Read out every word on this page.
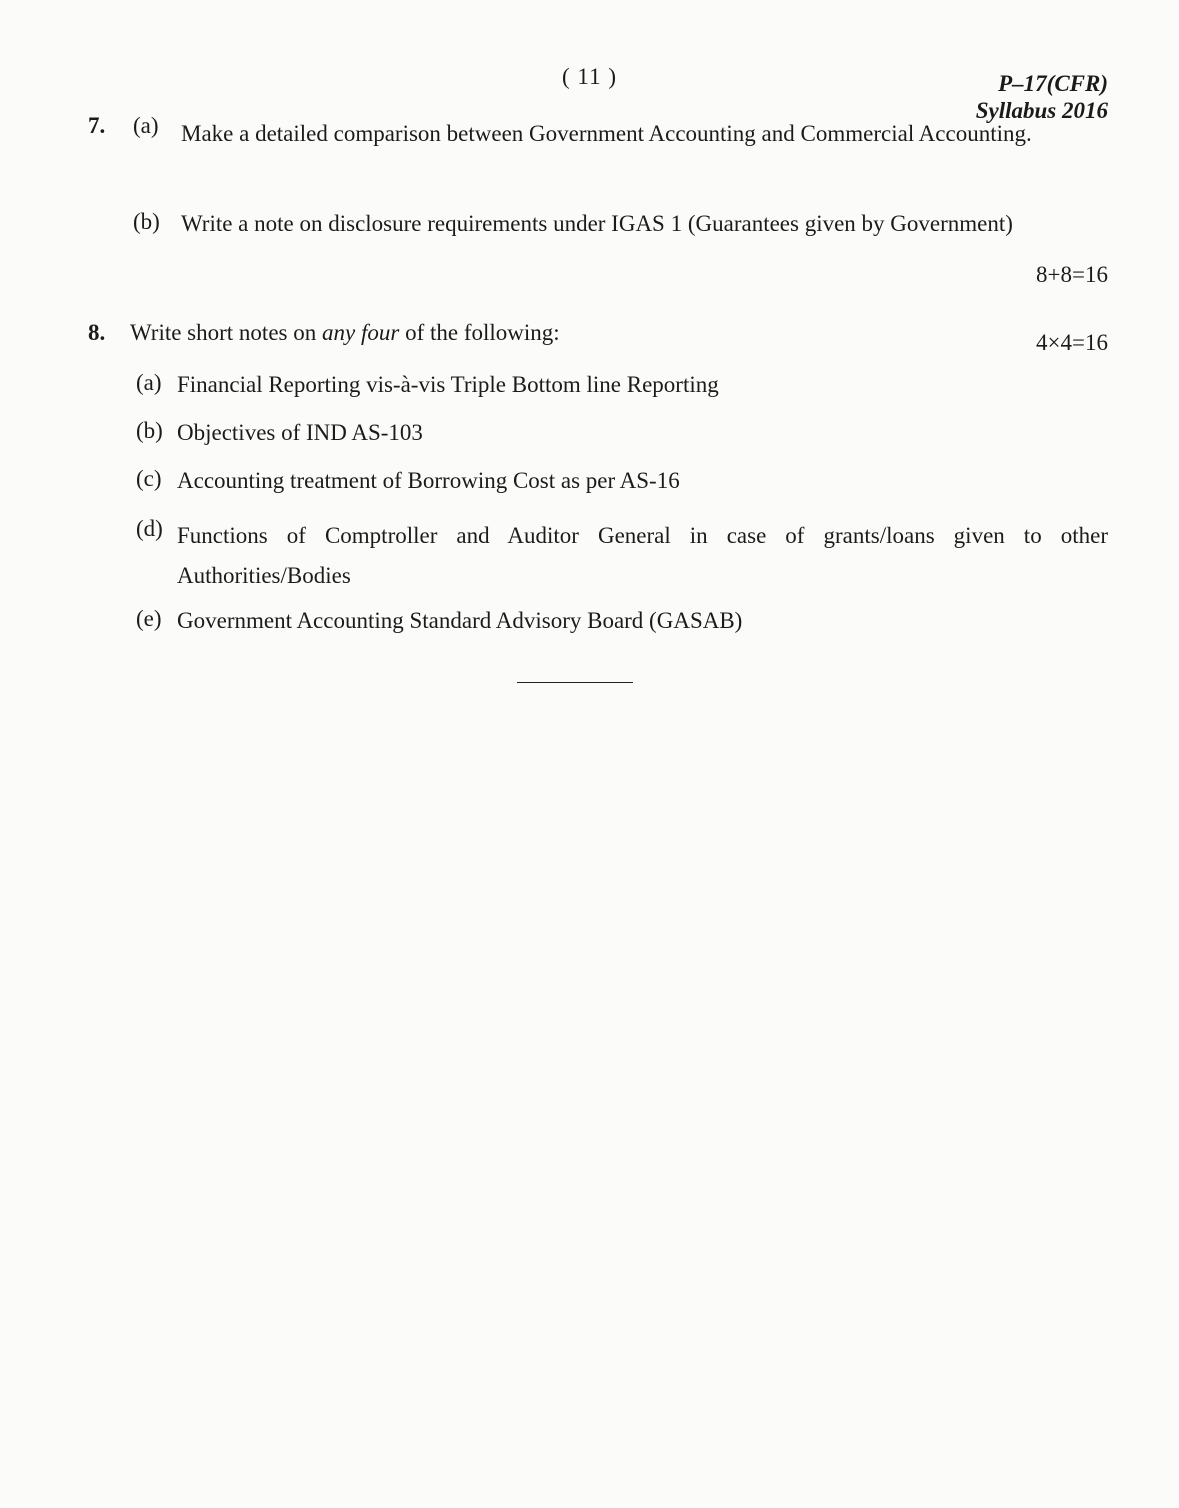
( 11 )	P–17(CFR)
Syllabus 2016
7. (a) Make a detailed comparison between Government Accounting and Commercial Accounting.
(b) Write a note on disclosure requirements under IGAS 1 (Guarantees given by Government)
8+8=16
8. Write short notes on any four of the following:
(a) Financial Reporting vis-à-vis Triple Bottom line Reporting
(b) Objectives of IND AS-103
(c) Accounting treatment of Borrowing Cost as per AS-16
(d) Functions of Comptroller and Auditor General in case of grants/loans given to other Authorities/Bodies
(e) Government Accounting Standard Advisory Board (GASAB)
4×4=16
